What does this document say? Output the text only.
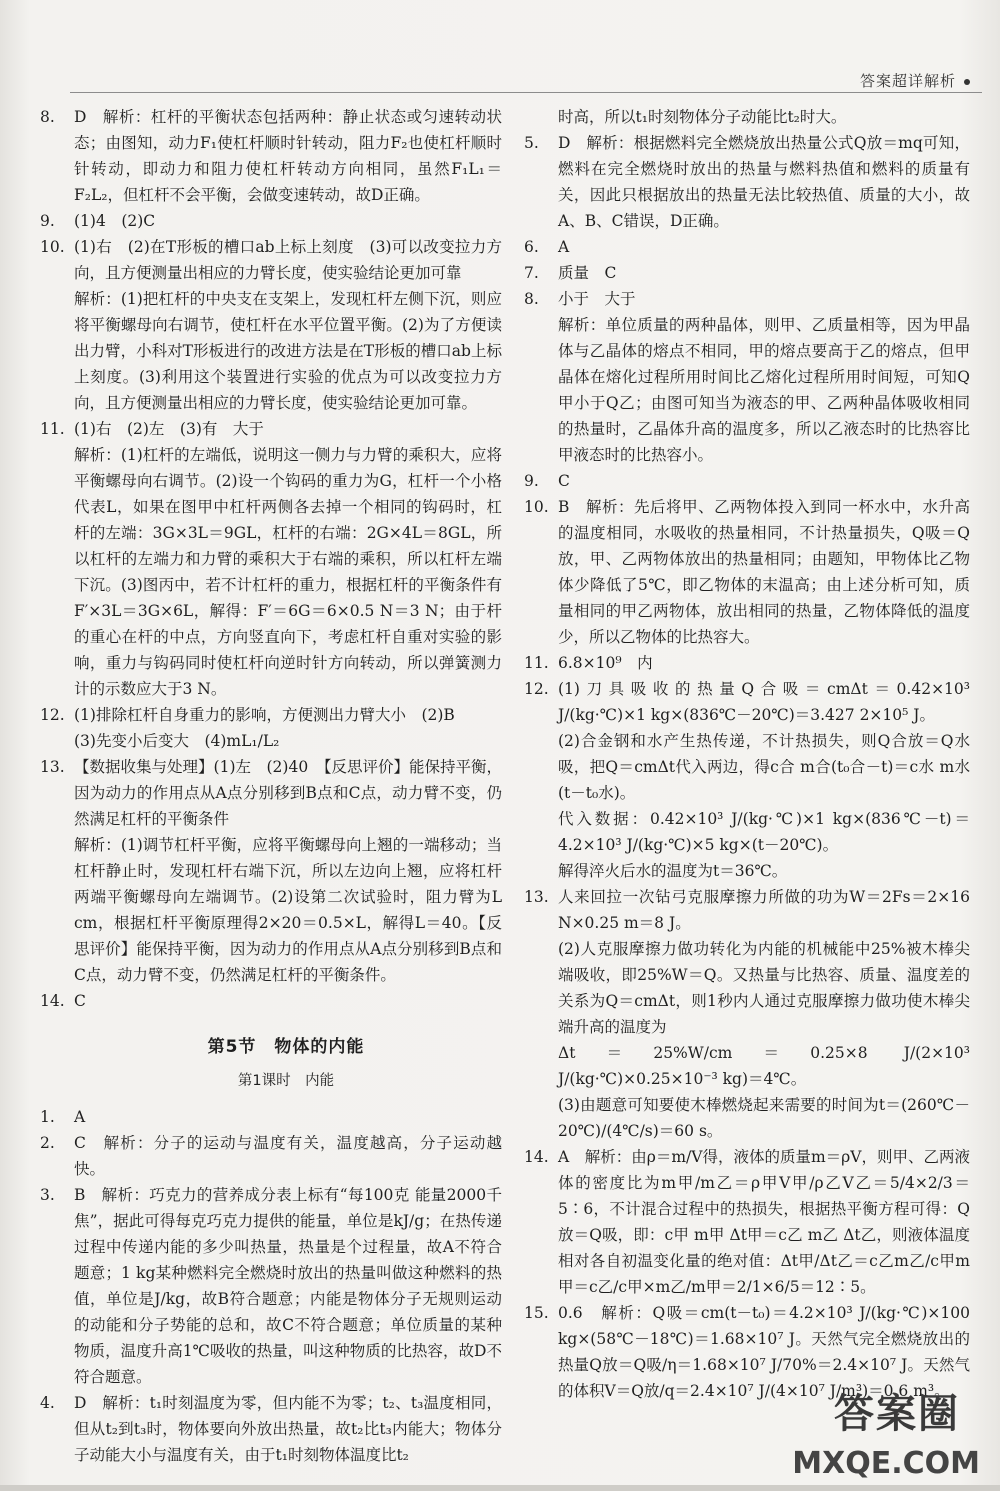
答案超详解析
8.	D　解析：杠杆的平衡状态包括两种：静止状态或匀速转动状态；由图知，动力F₁使杠杆顺时针转动，阻力F₂也使杠杆顺时针转动，即动力和阻力使杠杆转动方向相同，虽然F₁L₁＝F₂L₂，但杠杆不会平衡，会做变速转动，故D正确。
9.	(1)4　(2)C
10. (1)右　(2)在T形板的槽口ab上标上刻度　(3)可以改变拉力方向，且方便测量出相应的力臂长度，使实验结论更加可靠
解析：(1)把杠杆的中央支在支架上，发现杠杆左侧下沉，则应将平衡螺母向右调节，使杠杆在水平位置平衡。(2)为了方便读出力臂，小科对T形板进行的改进方法是在T形板的槽口ab上标上刻度。(3)利用这个装置进行实验的优点为可以改变拉力方向，且方便测量出相应的力臂长度，使实验结论更加可靠。
11. (1)右　(2)左　(3)有　大于
解析：(1)杠杆的左端低，说明这一侧力与力臂的乘积大，应将平衡螺母向右调节。(2)设一个钩码的重力为G，杠杆一个小格代表L，如果在图甲中杠杆两侧各去掉一个相同的钩码时，杠杆的左端：3G×3L＝9GL，杠杆的右端：2G×4L＝8GL，所以杠杆的左端力和力臂的乘积大于右端的乘积，所以杠杆左端下沉。(3)图丙中，若不计杠杆的重力，根据杠杆的平衡条件有F′×3L＝3G×6L，解得：F′＝6G＝6×0.5 N＝3 N；由于杆的重心在杆的中点，方向竖直向下，考虑杠杆自重对实验的影响，重力与钩码同时使杠杆向逆时针方向转动，所以弹簧测力计的示数应大于3 N。
12. (1)排除杠杆自身重力的影响，方便测出力臂大小　(2)B
(3)先变小后变大　(4)mL₁/L₂
13. 【数据收集与处理】(1)左　(2)40　【反思评价】能保持平衡，因为动力的作用点从A点分别移到B点和C点，动力臂不变，仍然满足杠杆的平衡条件
解析：(1)调节杠杆平衡，应将平衡螺母向上翘的一端移动；当杠杆静止时，发现杠杆右端下沉，所以左边向上翘，应将杠杆两端平衡螺母向左端调节。(2)设第二次试验时，阻力臂为L cm，根据杠杆平衡原理得2×20＝0.5×L，解得L＝40。【反思评价】能保持平衡，因为动力的作用点从A点分别移到B点和C点，动力臂不变，仍然满足杠杆的平衡条件。
14. C
第5节　物体的内能
第1课时　内能
1.	A
2.	C　解析：分子的运动与温度有关，温度越高，分子运动越快。
3.	B　解析：巧克力的营养成分表上标有“每100克 能量2000千焦”，据此可得每克巧克力提供的能量，单位是kJ/g；在热传递过程中传递内能的多少叫热量，热量是个过程量，故A不符合题意；1 kg某种燃料完全燃烧时放出的热量叫做这种燃料的热值，单位是J/kg，故B符合题意；内能是物体分子无规则运动的动能和分子势能的总和，故C不符合题意；单位质量的某种物质，温度升高1℃吸收的热量，叫这种物质的比热容，故D不符合题意。
4.	D　解析：t₁时刻温度为零，但内能不为零；t₂、t₃温度相同，但从t₂到t₃时，物体要向外放出热量，故t₂比t₃内能大；物体分子动能大小与温度有关，由于t₁时刻物体温度比t₂
时高，所以t₁时刻物体分子动能比t₂时大。
5.	D　解析：根据燃料完全燃烧放出热量公式Q放＝mq可知，燃料在完全燃烧时放出的热量与燃料热值和燃料的质量有关，因此只根据放出的热量无法比较热值、质量的大小，故A、B、C错误，D正确。
6.	A
7.	质量　C
8.	小于　大于
解析：单位质量的两种晶体，则甲、乙质量相等，因为甲晶体与乙晶体的熔点不相同，甲的熔点要高于乙的熔点，但甲晶体在熔化过程所用时间比乙熔化过程所用时间短，可知Q甲小于Q乙；由图可知当为液态的甲、乙两种晶体吸收相同的热量时，乙晶体升高的温度多，所以乙液态时的比热容比甲液态时的比热容小。
9.	C
10. B　解析：先后将甲、乙两物体投入到同一杯水中，水升高的温度相同，水吸收的热量相同，不计热量损失，Q吸＝Q放，甲、乙两物体放出的热量相同；由题知，甲物体比乙物体少降低了5℃，即乙物体的末温高；由上述分析可知，质量相同的甲乙两物体，放出相同的热量，乙物体降低的温度少，所以乙物体的比热容大。
11. 6.8×10⁹　内
12. (1)刀具吸收的热量Q合吸＝cmΔt＝0.42×10³ J/(kg·℃)×1 kg×(836℃－20℃)＝3.427 2×10⁵ J。
(2)合金钢和水产生热传递，不计热损失，则Q合放＝Q水吸，把Q＝cmΔt代入两边，得c合 m合(t₀合－t)＝c水 m水(t－t₀水)。
代入数据：0.42×10³ J/(kg·℃)×1 kg×(836℃－t)＝4.2×10³ J/(kg·℃)×5 kg×(t－20℃)。
解得淬火后水的温度为t＝36℃。
13. 人来回拉一次钻弓克服摩擦力所做的功为W＝2Fs＝2×16 N×0.25 m＝8 J。
(2)人克服摩擦力做功转化为内能的机械能中25%被木棒尖端吸收，即25%W＝Q。又热量与比热容、质量、温度差的关系为Q＝cmΔt，则1秒内人通过克服摩擦力做功使木棒尖端升高的温度为
Δt＝25%W/cm＝0.25×8 J/(2×10³ J/(kg·℃)×0.25×10⁻³ kg)＝4℃。
(3)由题意可知要使木棒燃烧起来需要的时间为t＝(260℃－20℃)/(4℃/s)＝60 s。
14. A　解析：由ρ＝m/V得，液体的质量m＝ρV，则甲、乙两液体的密度比为m甲/m乙＝ρ甲V甲/ρ乙V乙＝5/4×2/3＝5∶6，不计混合过程中的热损失，根据热平衡方程可得：Q放＝Q吸，即：c甲 m甲 Δt甲＝c乙 m乙 Δt乙，则液体温度相对各自初温变化量的绝对值：Δt甲/Δt乙＝c乙m乙/c甲m甲＝c乙/c甲×m乙/m甲＝2/1×6/5＝12∶5。
15. 0.6　解析：Q吸＝cm(t－t₀)＝4.2×10³ J/(kg·℃)×100 kg×(58℃－18℃)＝1.68×10⁷ J。天然气完全燃烧放出的热量Q放＝Q吸/η＝1.68×10⁷ J/70%＝2.4×10⁷ J。天然气的体积V＝Q放/q＝2.4×10⁷ J/(4×10⁷ J/m³)＝0.6 m³。
答案圈
MXQE.COM
